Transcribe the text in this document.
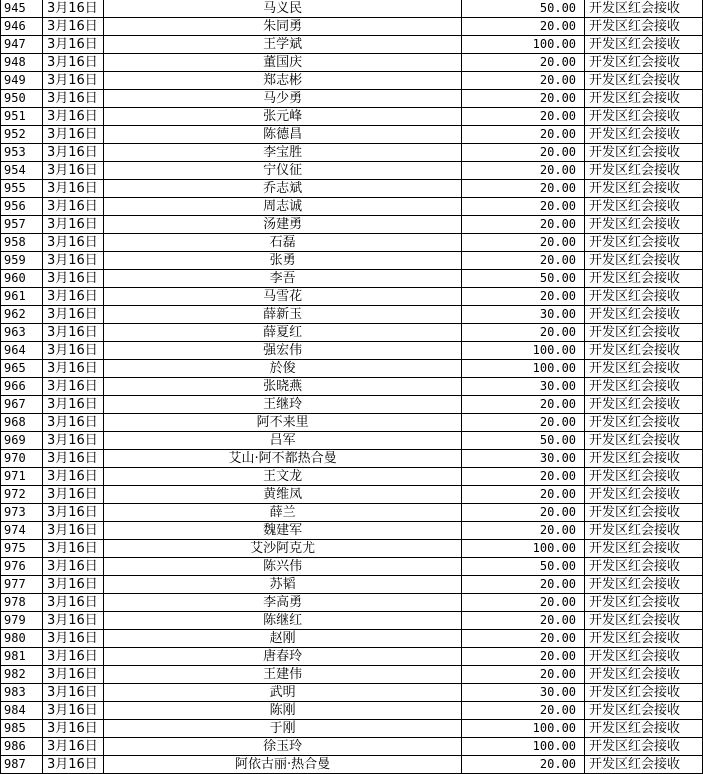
945	3月16日	马义民	50.00	开发区红会接收
946	3月16日	朱同勇	20.00	开发区红会接收
947	3月16日	王学斌	100.00	开发区红会接收
948	3月16日	董国庆	20.00	开发区红会接收
949	3月16日	郑志彬	20.00	开发区红会接收
950	3月16日	马少勇	20.00	开发区红会接收
951	3月16日	张元峰	20.00	开发区红会接收
952	3月16日	陈德昌	20.00	开发区红会接收
953	3月16日	李宝胜	20.00	开发区红会接收
954	3月16日	宁仪征	20.00	开发区红会接收
955	3月16日	乔志斌	20.00	开发区红会接收
956	3月16日	周志诚	20.00	开发区红会接收
957	3月16日	汤建勇	20.00	开发区红会接收
958	3月16日	石磊	20.00	开发区红会接收
959	3月16日	张勇	20.00	开发区红会接收
960	3月16日	李吾	50.00	开发区红会接收
961	3月16日	马雪花	20.00	开发区红会接收
962	3月16日	薛新玉	30.00	开发区红会接收
963	3月16日	薛夏红	20.00	开发区红会接收
964	3月16日	强宏伟	100.00	开发区红会接收
965	3月16日	於俊	100.00	开发区红会接收
966	3月16日	张晓燕	30.00	开发区红会接收
967	3月16日	王继玲	20.00	开发区红会接收
968	3月16日	阿不来里	20.00	开发区红会接收
969	3月16日	吕军	50.00	开发区红会接收
970	3月16日	艾山·阿不都热合曼	30.00	开发区红会接收
971	3月16日	王文龙	20.00	开发区红会接收
972	3月16日	黄维凤	20.00	开发区红会接收
973	3月16日	薛兰	20.00	开发区红会接收
974	3月16日	魏建军	20.00	开发区红会接收
975	3月16日	艾沙阿克尤	100.00	开发区红会接收
976	3月16日	陈兴伟	50.00	开发区红会接收
977	3月16日	苏韬	20.00	开发区红会接收
978	3月16日	李高勇	20.00	开发区红会接收
979	3月16日	陈继红	20.00	开发区红会接收
980	3月16日	赵刚	20.00	开发区红会接收
981	3月16日	唐春玲	20.00	开发区红会接收
982	3月16日	王建伟	20.00	开发区红会接收
983	3月16日	武明	30.00	开发区红会接收
984	3月16日	陈刚	20.00	开发区红会接收
985	3月16日	于刚	100.00	开发区红会接收
986	3月16日	徐玉玲	100.00	开发区红会接收
987	3月16日	阿依古丽·热合曼	20.00	开发区红会接收
